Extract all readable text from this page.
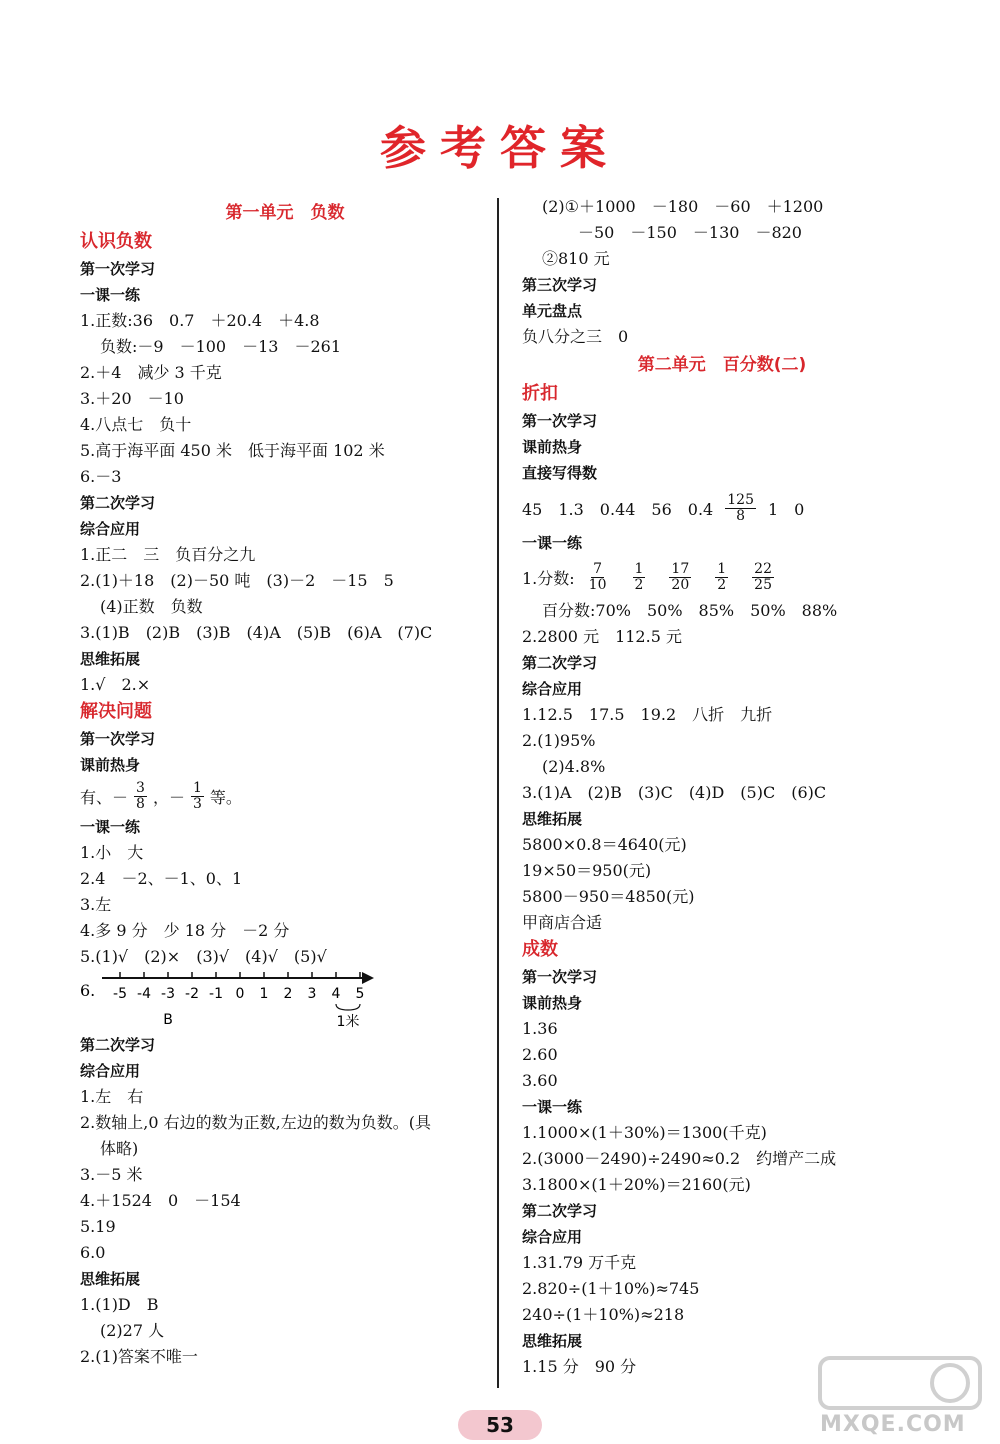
参考答案
第一单元　负数
认识负数
第一次学习
一课一练
1.正数:36　0.7　＋20.4　＋4.8
负数:－9　－100　－13　－261
2.＋4　减少 3 千克
3.＋20　－10
4.八点七　负十
5.高于海平面 450 米　低于海平面 102 米
6.－3
第二次学习
综合应用
1.正二　三　负百分之九
2.(1)＋18　(2)－50 吨　(3)－2　－15　5
(4)正数　负数
3.(1)B　(2)B　(3)B　(4)A　(5)B　(6)A　(7)C
思维拓展
1.√　2.×
解决问题
第一次学习
课前热身
有、－ $\frac{3}{8}$ ，－ $\frac{1}{3}$ 等。
一课一练
1.小　大
2.4　－2、－1、0、1
3.左
4.多 9 分　少 18 分　－2 分
5.(1)√　(2)×　(3)√　(4)√　(5)√
6. -5 -4 -3 -2 -1 0 1 2 3 4 5
B	1米
第二次学习
综合应用
1.左　右
2.数轴上,0 右边的数为正数,左边的数为负数。(具
体略)
3.－5 米
4.＋1524　0　－154
5.19
6.0
思维拓展
1.(1)D　B
(2)27 人
2.(1)答案不唯一
(2)①＋1000　－180　－60　＋1200
－50　－150　－130　－820
②810 元
第三次学习
单元盘点
负八分之三　0
第二单元　百分数(二)
折扣
第一次学习
课前热身
直接写得数
45　1.3　0.44　56　$0.4 \frac{125}{8} 1$　0
一课一练
1.分数: $\frac{7}{10} \frac{1}{2} \frac{17}{20} \frac{1}{2} \frac{22}{25}$
百分数:70%　50%　85%　50%　88%
2.2800 元　112.5 元
第二次学习
综合应用
1.12.5　17.5　19.2　八折　九折
2.(1)95%
(2)4.8%
3.(1)A　(2)B　(3)C　(4)D　(5)C　(6)C
思维拓展
5800×0.8＝4640(元)
19×50＝950(元)
5800－950＝4850(元)
甲商店合适
成数
第一次学习
课前热身
1.36
2.60
3.60
一课一练
1.1000×(1＋30%)＝1300(千克)
2.(3000－2490)÷2490≈0.2　约增产二成
3.1800×(1＋20%)＝2160(元)
第二次学习
综合应用
1.31.79 万千克
2.820÷(1＋10%)≈745
240÷(1＋10%)≈218
思维拓展
1.15 分　90 分
53	MXQE.COM
